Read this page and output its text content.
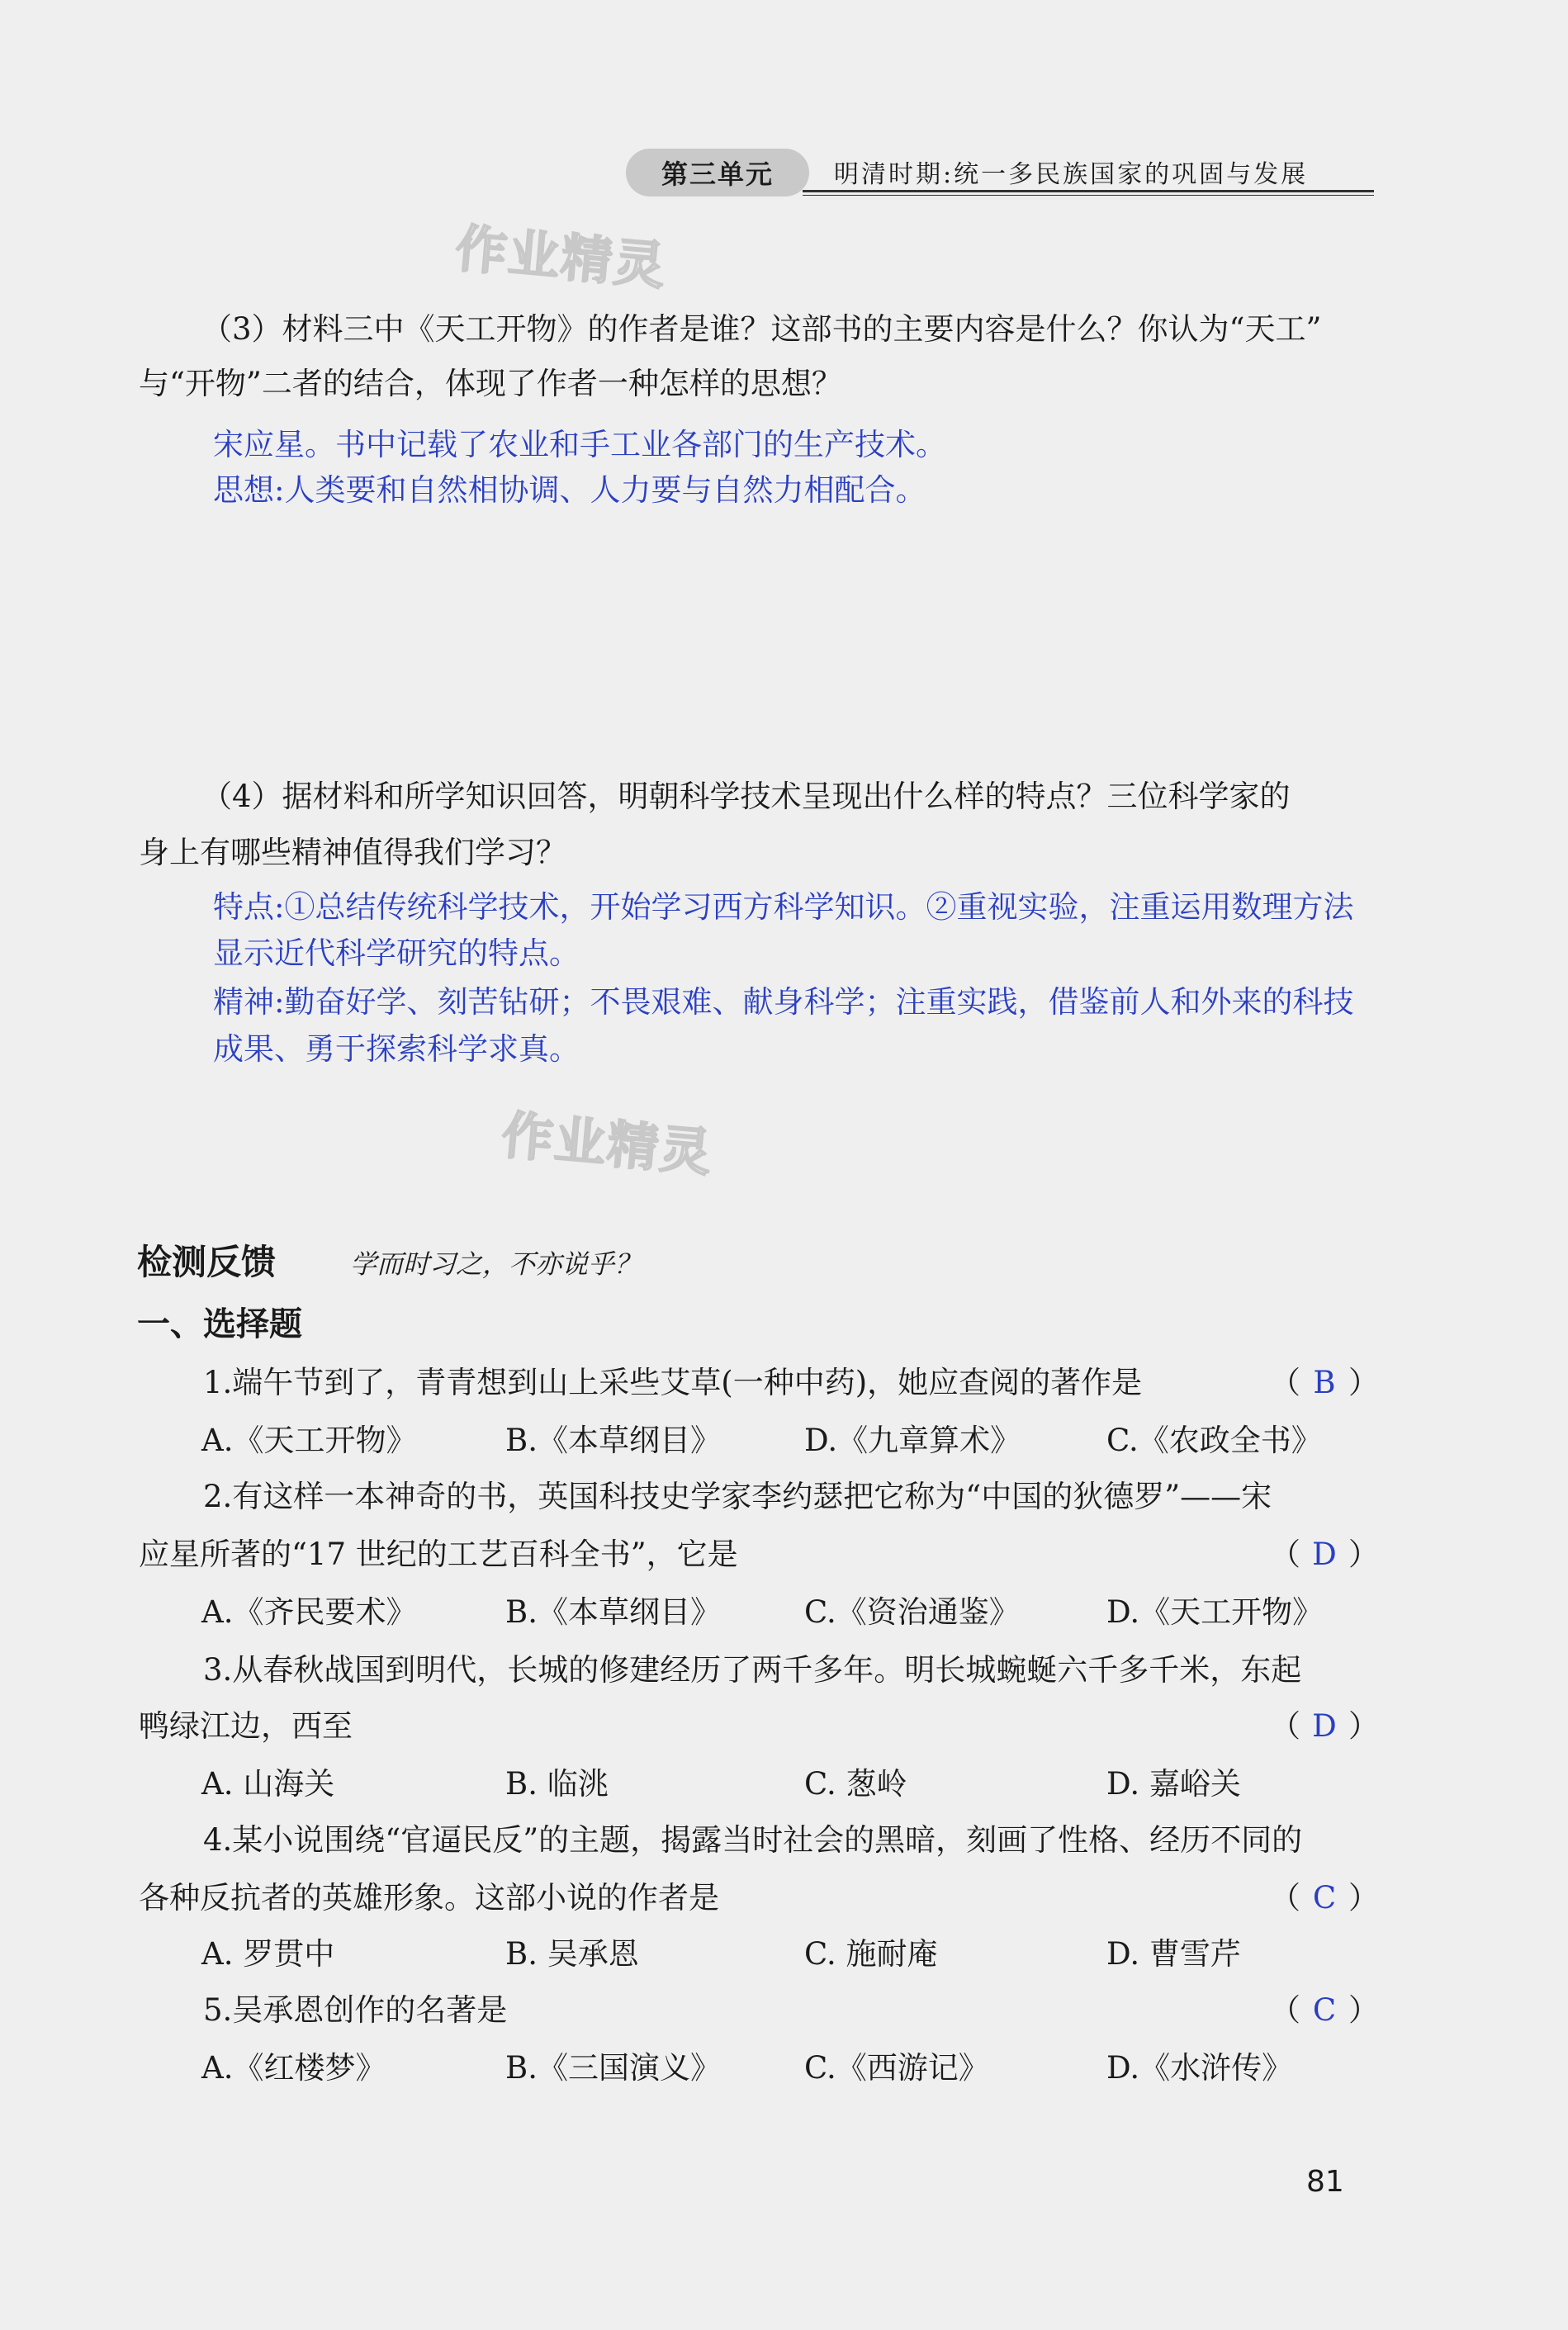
第三单元	明清时期:统一多民族国家的巩固与发展
作业精灵
作业精灵
（3）材料三中《天工开物》的作者是谁？这部书的主要内容是什么？你认为“天工”
与“开物”二者的结合，体现了作者一种怎样的思想？
宋应星。书中记载了农业和手工业各部门的生产技术。
思想:人类要和自然相协调、人力要与自然力相配合。
（4）据材料和所学知识回答，明朝科学技术呈现出什么样的特点？三位科学家的
身上有哪些精神值得我们学习？
特点:①总结传统科学技术，开始学习西方科学知识。②重视实验，注重运用数理方法
显示近代科学研究的特点。
精神:勤奋好学、刻苦钻研；不畏艰难、献身科学；注重实践，借鉴前人和外来的科技
成果、勇于探索科学求真。
检测反馈	学而时习之，不亦说乎？
一、选择题
1.端午节到了，青青想到山上采些艾草(一种中药)，她应查阅的著作是	（ B ）
A.《天工开物》	B.《本草纲目》	D.《九章算术》	C.《农政全书》
2.有这样一本神奇的书，英国科技史学家李约瑟把它称为“中国的狄德罗”——宋
应星所著的“17 世纪的工艺百科全书”，它是	（ D ）
A.《齐民要术》	B.《本草纲目》	C.《资治通鉴》	D.《天工开物》
3.从春秋战国到明代，长城的修建经历了两千多年。明长城蜿蜒六千多千米，东起
鸭绿江边，西至	（ D ）
A. 山海关	B. 临洮	C. 葱岭	D. 嘉峪关
4.某小说围绕“官逼民反”的主题，揭露当时社会的黑暗，刻画了性格、经历不同的
各种反抗者的英雄形象。这部小说的作者是	（ C ）
A. 罗贯中	B. 吴承恩	C. 施耐庵	D. 曹雪芹
5.吴承恩创作的名著是	（ C ）
A.《红楼梦》	B.《三国演义》	C.《西游记》	D.《水浒传》
81
